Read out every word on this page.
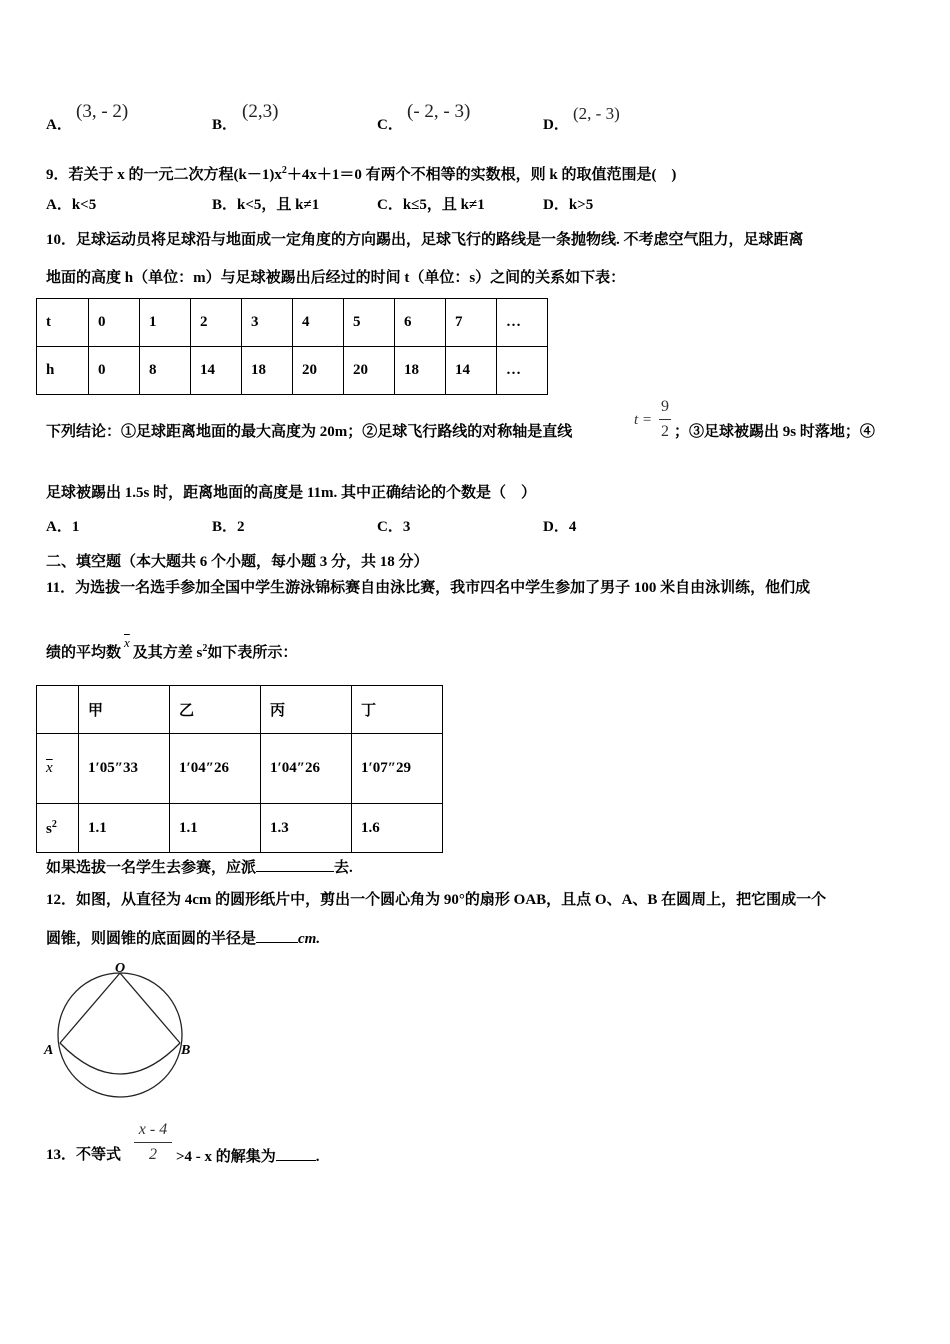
A．
(3, - 2)
B．
(2,3)
C．
(- 2, - 3)
D．
(2, - 3)
9．若关于 x 的一元二次方程$(k-1)x^2+4x+1=0$ 有两个不相等的实数根，则 k 的取值范围是(　)
A．k<5	B．k<5，且 k≠1	C．k≤5，且 k≠1	D．k>5
10．足球运动员将足球沿与地面成一定角度的方向踢出，足球飞行的路线是一条抛物线. 不考虑空气阻力，足球距离
地面的高度 h（单位：m）与足球被踢出后经过的时间 t（单位：s）之间的关系如下表：
t	0	1	2	3	4	5	6	7	…
h	0	8	14	18	20	20	18	14	…
下列结论：①足球距离地面的最大高度为 20m；②足球飞行路线的对称轴是直线
t =
9
2 ；③足球被踢出 9s 时落地；④
足球被踢出 1.5s 时，距离地面的高度是 11m. 其中正确结论的个数是（　）
A．1	B．2	C．3	D．4
二、填空题（本大题共 6 个小题，每小题 3 分，共 18 分）
11．为选拔一名选手参加全国中学生游泳锦标赛自由泳比赛，我市四名中学生参加了男子 100 米自由泳训练，他们成
绩的平均数$\overline{x}$及其方差 $s^2$如下表所示：
	甲	乙	丙	丁
$\overline{x}$	1′05″33	1′04″26	1′04″26	1′07″29
$s^2$	1.1	1.1	1.3	1.6
如果选拔一名学生去参赛，应派	去.
12．如图，从直径为 4cm 的圆形纸片中，剪出一个圆心角为 90°的扇形 OAB，且点 O、A、B 在圆周上，把它围成一个
圆锥，则圆锥的底面圆的半径是	cm.
O
A	B
13．不等式
x - 4
2	>4 - x 的解集为	.
